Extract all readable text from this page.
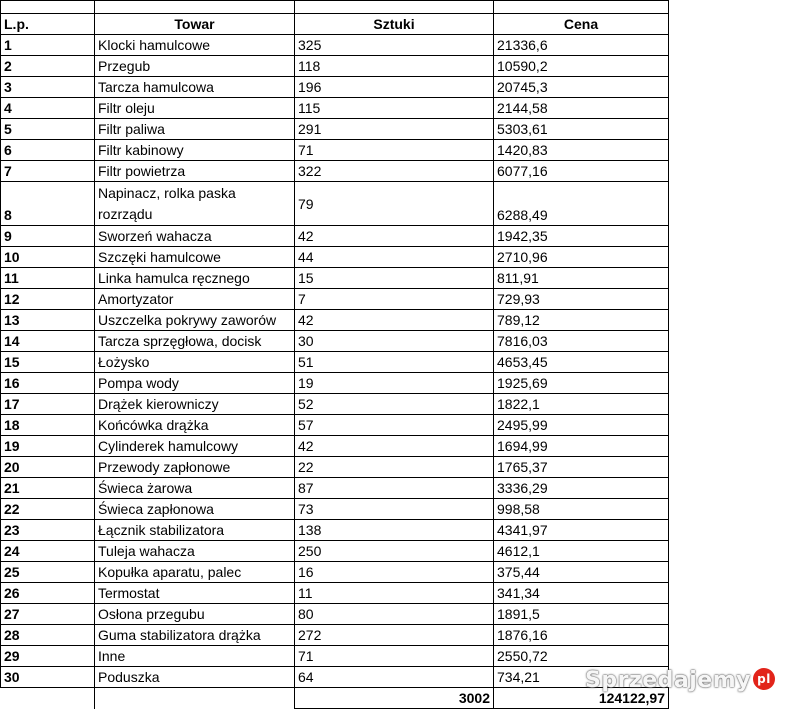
L.p.	Towar	Sztuki	Cena	
1	Klocki hamulcowe	325	21336,6	
2	Przegub	118	10590,2	
3	Tarcza hamulcowa	196	20745,3	
4	Filtr oleju	115	2144,58	
5	Filtr paliwa	291	5303,61	
6	Filtr kabinowy	71	1420,83	
7	Filtr powietrza	322	6077,16	
8	Napinacz, rolka paska rozrządu	79	6288,49	
9	Sworzeń wahacza	42	1942,35	
10	Szczęki hamulcowe	44	2710,96	
11	Linka hamulca ręcznego	15	811,91	
12	Amortyzator	7	729,93	
13	Uszczelka pokrywy zaworów	42	789,12	
14	Tarcza sprzęgłowa, docisk	30	7816,03	
15	Łożysko	51	4653,45	
16	Pompa wody	19	1925,69	
17	Drążek kierowniczy	52	1822,1	
18	Końcówka drążka	57	2495,99	
19	Cylinderek hamulcowy	42	1694,99	
20	Przewody zapłonowe	22	1765,37	
21	Świeca żarowa	87	3336,29	
22	Świeca zapłonowa	73	998,58	
23	Łącznik stabilizatora	138	4341,97	
24	Tuleja wahacza	250	4612,1	
25	Kopułka aparatu, palec	16	375,44	
26	Termostat	11	341,34	
27	Osłona przegubu	80	1891,5	
28	Guma stabilizatora drążka	272	1876,16	
29	Inne	71	2550,72	
30	Poduszka	64	734,21	
		3002	124122,97	
Sprzedajemy pl
